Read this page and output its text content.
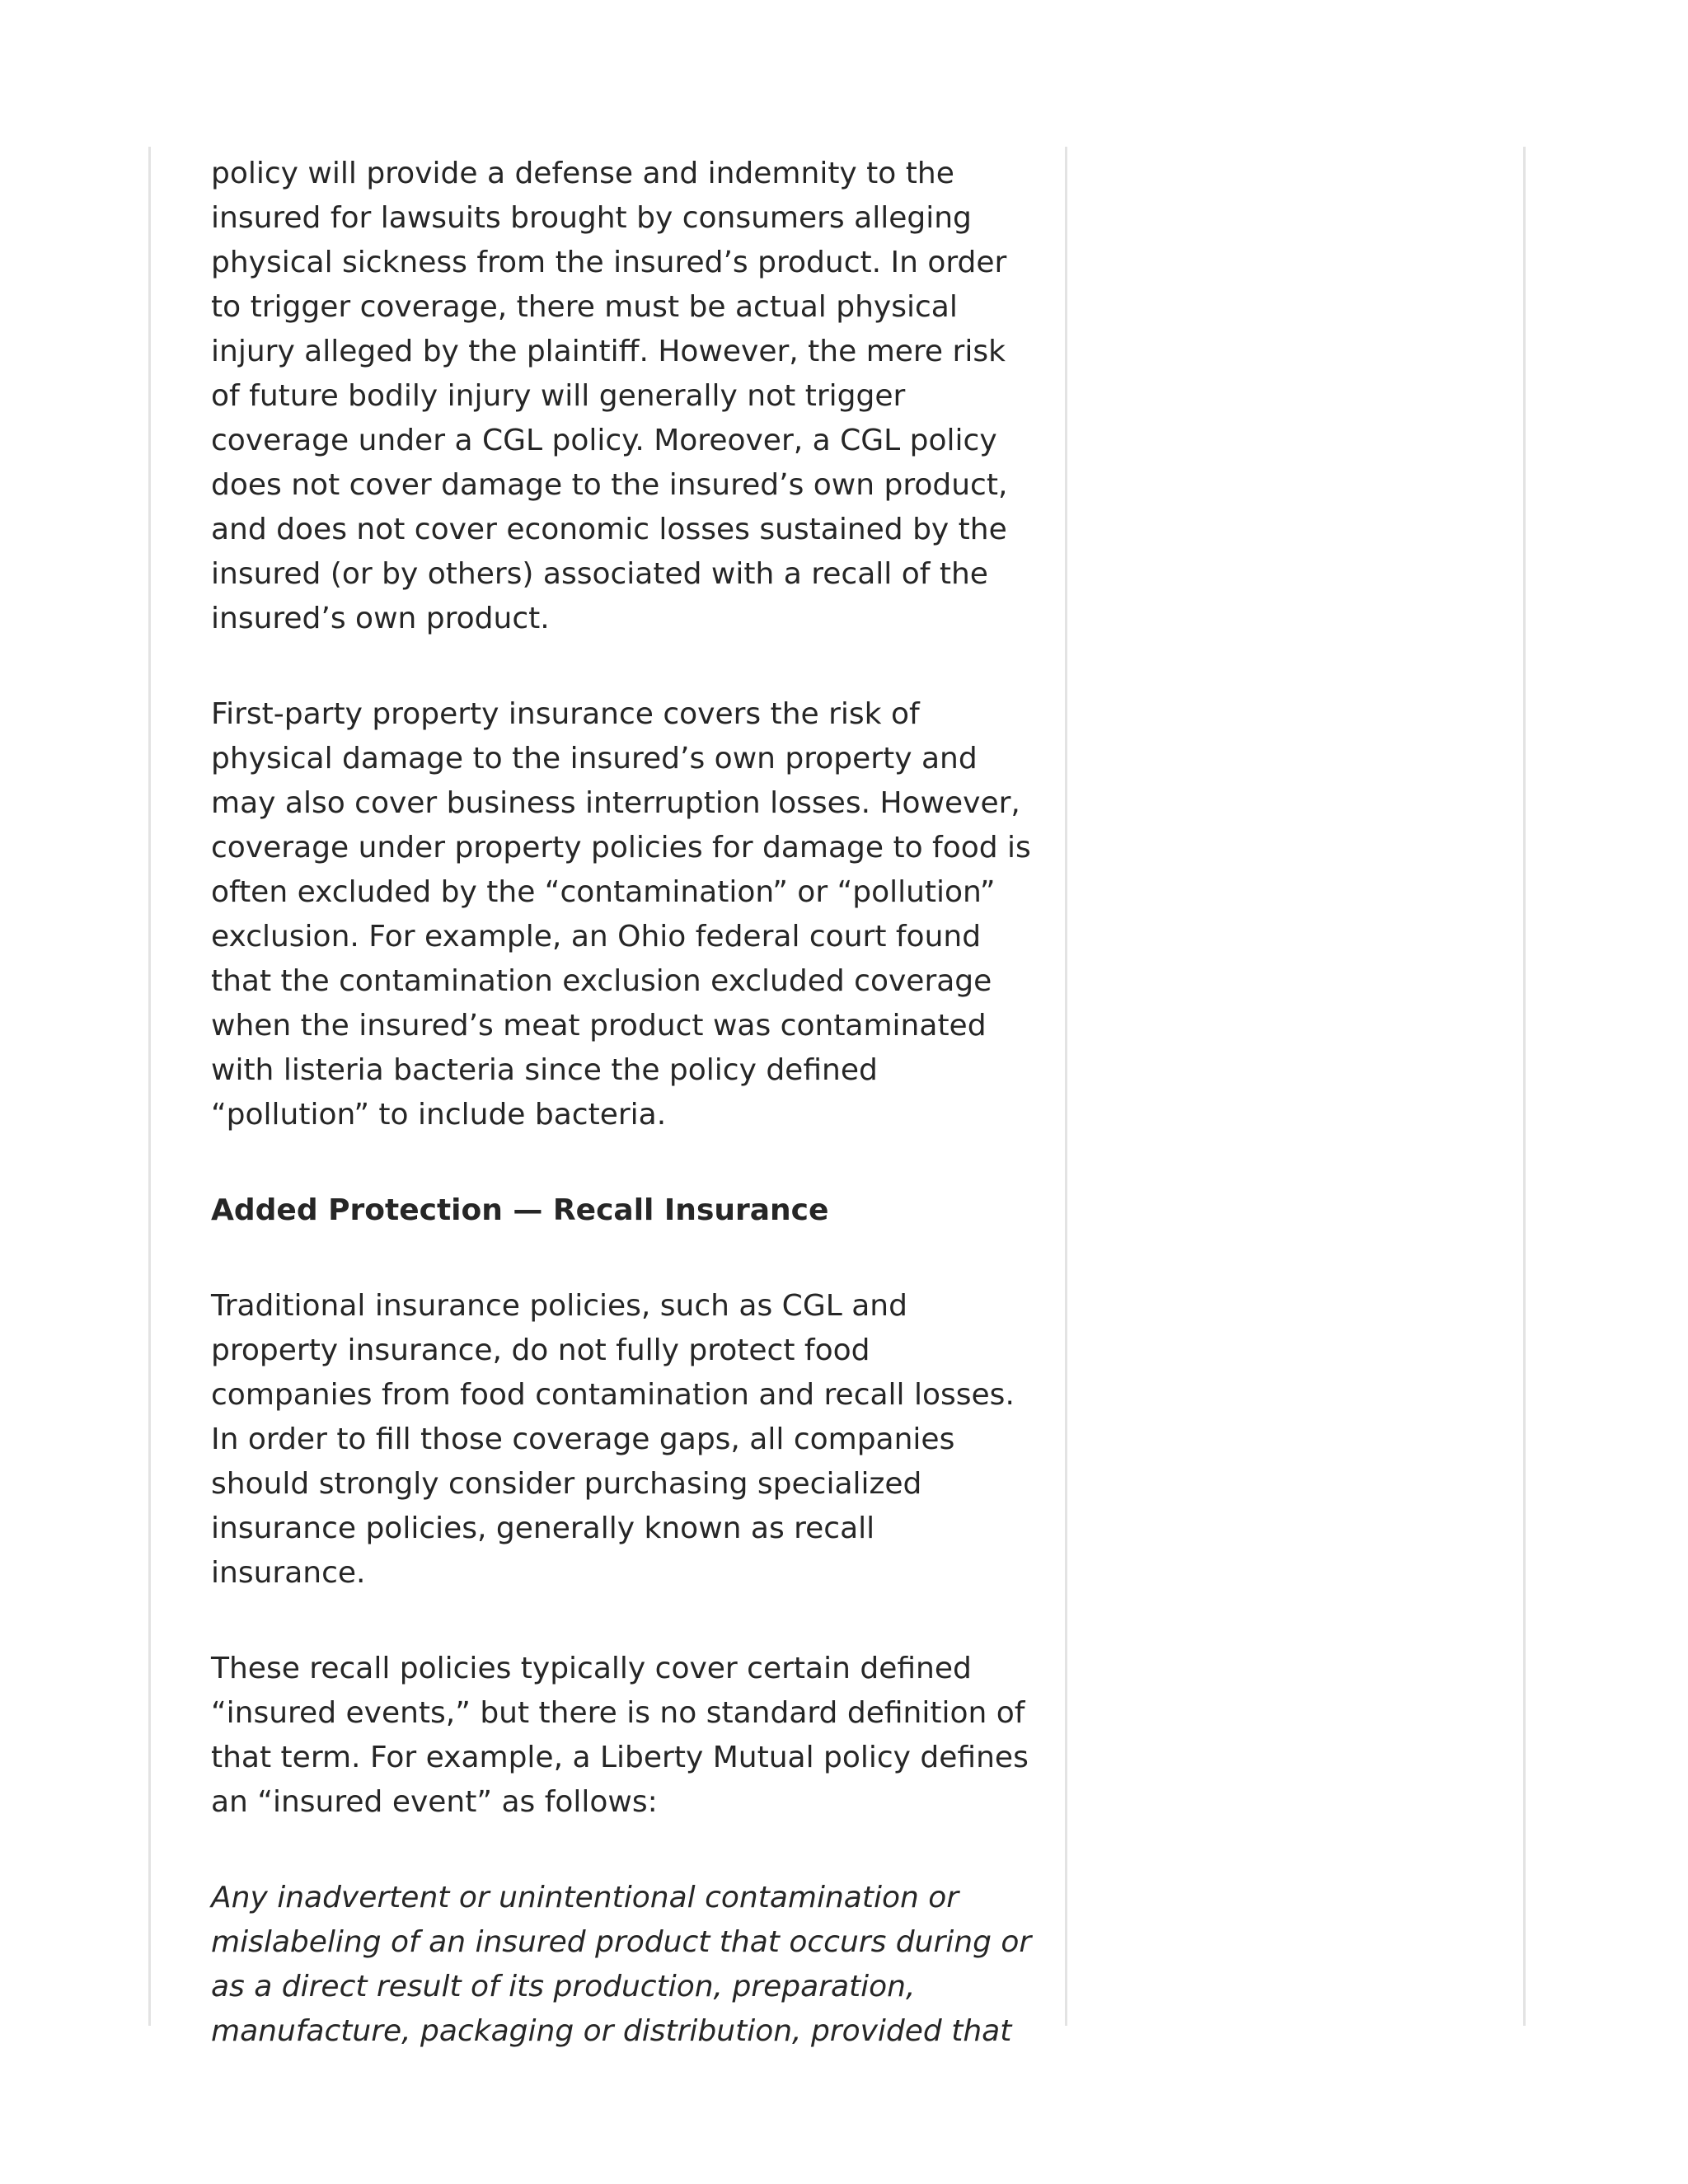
policy will provide a defense and indemnity to the insured for lawsuits brought by consumers alleging physical sickness from the insured’s product. In order to trigger coverage, there must be actual physical injury alleged by the plaintiff. However, the mere risk of future bodily injury will generally not trigger coverage under a CGL policy. Moreover, a CGL policy does not cover damage to the insured’s own product, and does not cover economic losses sustained by the insured (or by others) associated with a recall of the insured’s own product.

First-party property insurance covers the risk of physical damage to the insured’s own property and may also cover business interruption losses. However, coverage under property policies for damage to food is often excluded by the “contamination” or “pollution” exclusion. For example, an Ohio federal court found that the contamination exclusion excluded coverage when the insured’s meat product was contaminated with listeria bacteria since the policy defined “pollution” to include bacteria.

Added Protection — Recall Insurance

Traditional insurance policies, such as CGL and property insurance, do not fully protect food companies from food contamination and recall losses. In order to fill those coverage gaps, all companies should strongly consider purchasing specialized insurance policies, generally known as recall insurance.

These recall policies typically cover certain defined “insured events,” but there is no standard definition of that term. For example, a Liberty Mutual policy defines an “insured event” as follows:

Any inadvertent or unintentional contamination or mislabeling of an insured product that occurs during or as a direct result of its production, preparation, manufacture, packaging or distribution, provided that
